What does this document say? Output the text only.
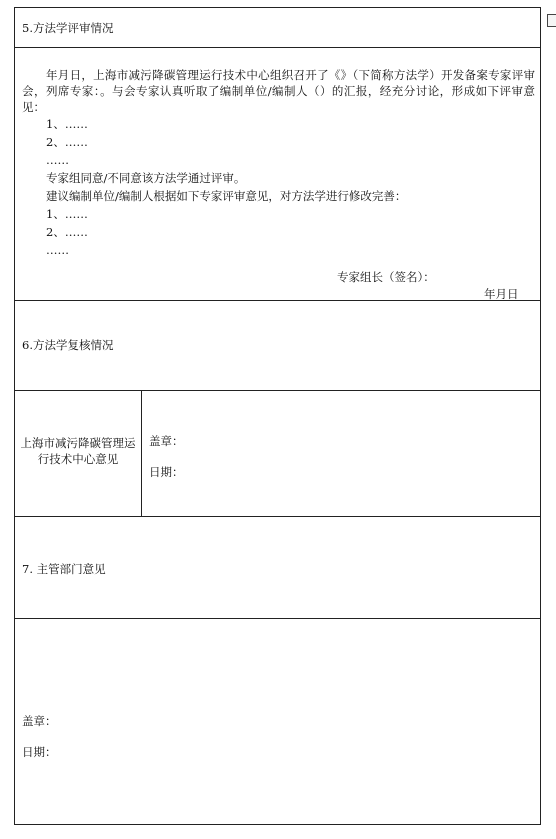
5.方法学评审情况
年月日，上海市减污降碳管理运行技术中心组织召开了《》（下简称方法学）开发备案专家评审会，列席专家：。与会专家认真听取了编制单位/编制人（）的汇报，经充分讨论，形成如下评审意见：
1、……
2、……
……
专家组同意/不同意该方法学通过评审。
建议编制单位/编制人根据如下专家评审意见，对方法学进行修改完善：
1、……
2、……
……
专家组长（签名）：
年月日
6.方法学复核情况
上海市减污降碳管理运行技术中心意见
盖章：
日期：
7. 主管部门意见
盖章：
日期：
